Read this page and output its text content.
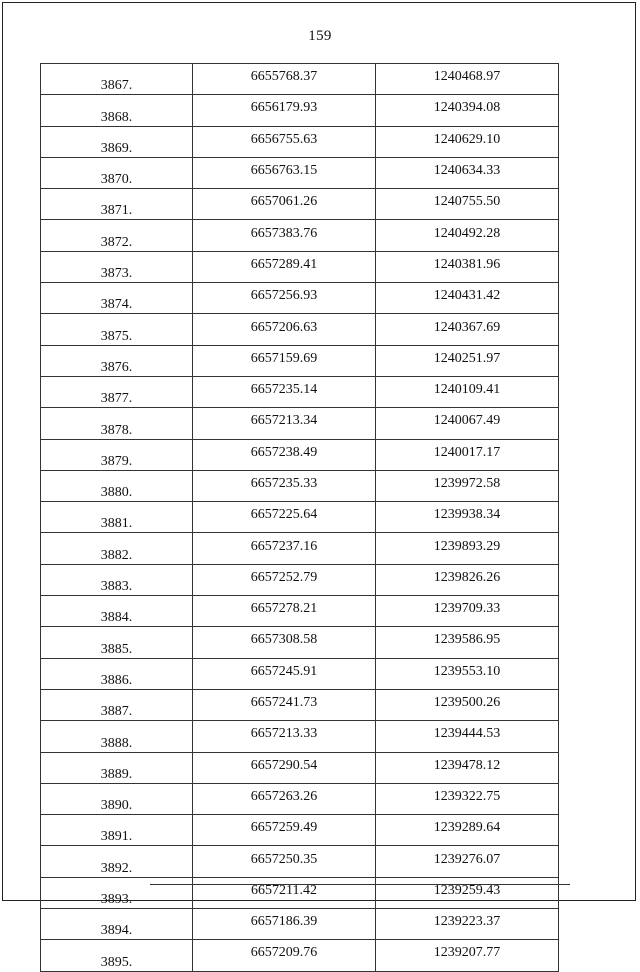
159
3867.	6655768.37	1240468.97
3868.	6656179.93	1240394.08
3869.	6656755.63	1240629.10
3870.	6656763.15	1240634.33
3871.	6657061.26	1240755.50
3872.	6657383.76	1240492.28
3873.	6657289.41	1240381.96
3874.	6657256.93	1240431.42
3875.	6657206.63	1240367.69
3876.	6657159.69	1240251.97
3877.	6657235.14	1240109.41
3878.	6657213.34	1240067.49
3879.	6657238.49	1240017.17
3880.	6657235.33	1239972.58
3881.	6657225.64	1239938.34
3882.	6657237.16	1239893.29
3883.	6657252.79	1239826.26
3884.	6657278.21	1239709.33
3885.	6657308.58	1239586.95
3886.	6657245.91	1239553.10
3887.	6657241.73	1239500.26
3888.	6657213.33	1239444.53
3889.	6657290.54	1239478.12
3890.	6657263.26	1239322.75
3891.	6657259.49	1239289.64
3892.	6657250.35	1239276.07
3893.	6657211.42	1239259.43
3894.	6657186.39	1239223.37
3895.	6657209.76	1239207.77
